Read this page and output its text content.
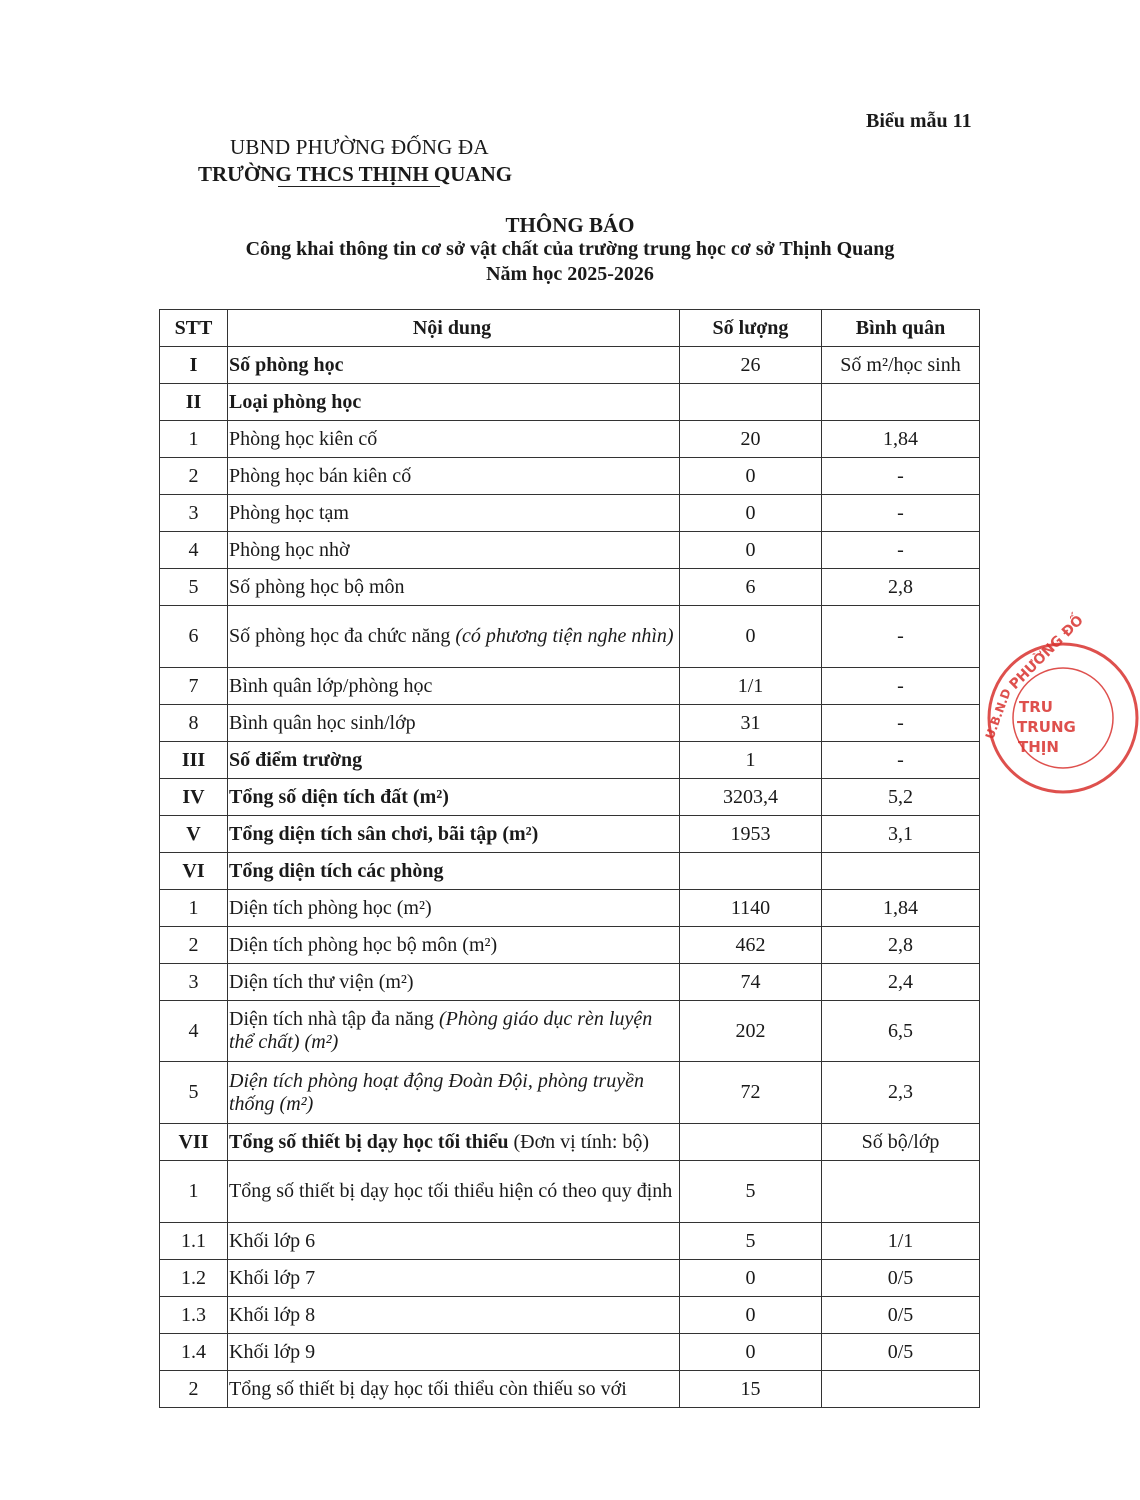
Biểu mẫu 11
UBND PHƯỜNG ĐỐNG ĐA
TRƯỜNG THCS THỊNH QUANG
THÔNG BÁO
Công khai thông tin cơ sở vật chất của trường trung học cơ sở Thịnh Quang
Năm học 2025-2026
STT	Nội dung	Số lượng	Bình quân
I	Số phòng học	26	Số m²/học sinh
II	Loại phòng học		
1	Phòng học kiên cố	20	1,84
2	Phòng học bán kiên cố	0	-
3	Phòng học tạm	0	-
4	Phòng học nhờ	0	-
5	Số phòng học bộ môn	6	2,8
6	Số phòng học đa chức năng (có phương tiện nghe nhìn)	0	-
7	Bình quân lớp/phòng học	1/1	-
8	Bình quân học sinh/lớp	31	-
III	Số điểm trường	1	-
IV	Tổng số diện tích đất (m²)	3203,4	5,2
V	Tổng diện tích sân chơi, bãi tập (m²)	1953	3,1
VI	Tổng diện tích các phòng		
1	Diện tích phòng học (m²)	1140	1,84
2	Diện tích phòng học bộ môn (m²)	462	2,8
3	Diện tích thư viện (m²)	74	2,4
4	Diện tích nhà tập đa năng (Phòng giáo dục rèn luyện thể chất) (m²)	202	6,5
5	Diện tích phòng hoạt động Đoàn Đội, phòng truyền thống (m²)	72	2,3
VII	Tổng số thiết bị dạy học tối thiểu (Đơn vị tính: bộ)		Số bộ/lớp
1	Tổng số thiết bị dạy học tối thiểu hiện có theo quy định	5	
1.1	Khối lớp 6	5	1/1
1.2	Khối lớp 7	0	0/5
1.3	Khối lớp 8	0	0/5
1.4	Khối lớp 9	0	0/5
2	Tổng số thiết bị dạy học tối thiểu còn thiếu so với	15	
PHƯỜNG ĐỐ
TRU
TRUNG
THỊN
U.B.N.D
